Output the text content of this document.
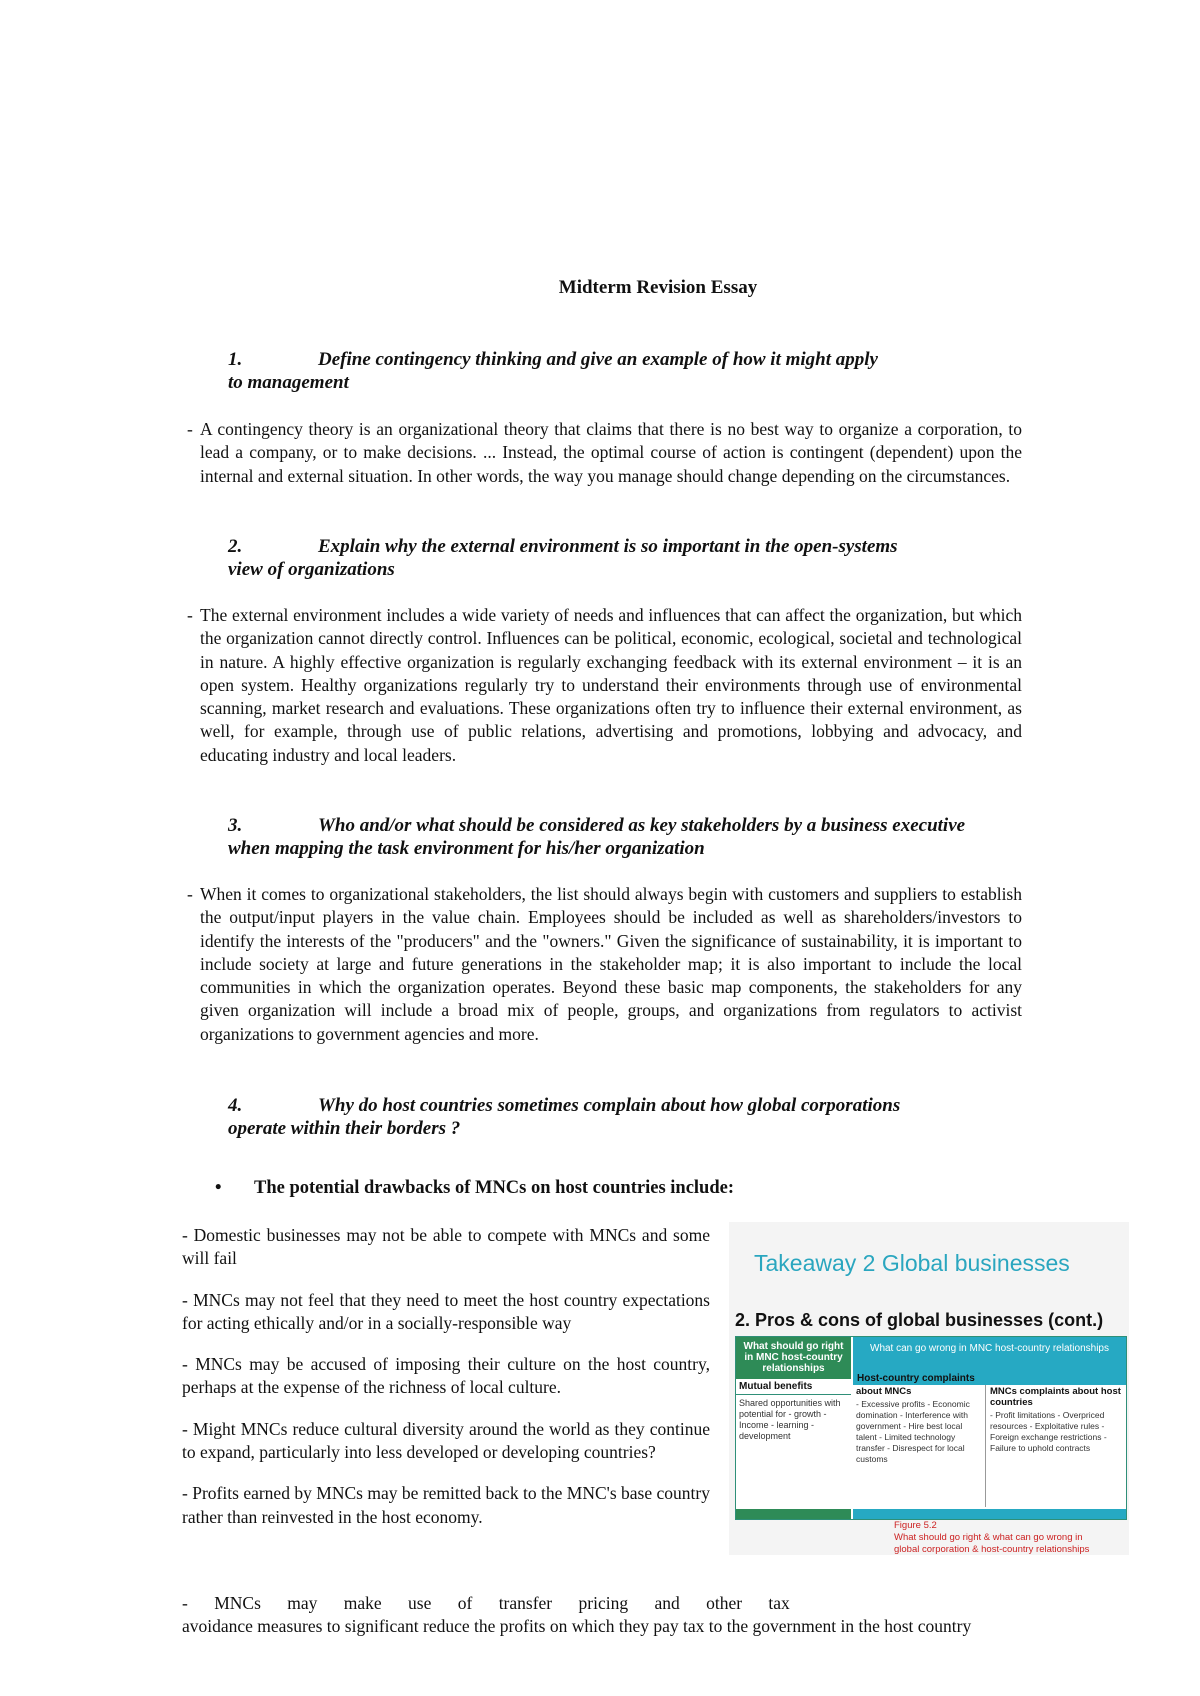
Midterm Revision Essay
1.	Define contingency thinking and give an example of how it might apply
to management
- A contingency theory is an organizational theory that claims that there is no best way to organize a corporation, to lead a company, or to make decisions. ... Instead, the optimal course of action is contingent (dependent) upon the internal and external situation. In other words, the way you manage should change depending on the circumstances.
2.	Explain why the external environment is so important in the open-systems
view of organizations
- The external environment includes a wide variety of needs and influences that can affect the organization, but which the organization cannot directly control. Influences can be political, economic, ecological, societal and technological in nature. A highly effective organization is regularly exchanging feedback with its external environment – it is an open system. Healthy organizations regularly try to understand their environments through use of environmental scanning, market research and evaluations. These organizations often try to influence their external environment, as well, for example, through use of public relations, advertising and promotions, lobbying and advocacy, and educating industry and local leaders.
3.	Who and/or what should be considered as key stakeholders by a business executive
when mapping the task environment for his/her organization
- When it comes to organizational stakeholders, the list should always begin with customers and suppliers to establish the output/input players in the value chain. Employees should be included as well as shareholders/investors to identify the interests of the "producers" and the "owners." Given the significance of sustainability, it is important to include society at large and future generations in the stakeholder map; it is also important to include the local communities in which the organization operates. Beyond these basic map components, the stakeholders for any given organization will include a broad mix of people, groups, and organizations from regulators to activist organizations to government agencies and more.
4.	Why do host countries sometimes complain about how global corporations
operate within their borders ?
• The potential drawbacks of MNCs on host countries include:

- Domestic businesses may not be able to compete with MNCs and some will fail

- MNCs may not feel that they need to meet the host country expectations for acting ethically and/or in a socially-responsible way

- MNCs may be accused of imposing their culture on the host country, perhaps at the expense of the richness of local culture.

- Might MNCs reduce cultural diversity around the world as they continue to expand, particularly into less developed or developing countries?

- Profits earned by MNCs may be remitted back to the MNC's base country rather than reinvested in the host economy.

- MNCs may make use of transfer pricing and other tax
avoidance measures to significant reduce the profits on which they pay tax to the government in the host country
Takeaway 2 Global businesses
2. Pros & cons of global businesses (cont.)
What should go right in MNC host-country relationships
Mutual benefits
Shared opportunities with potential for - growth - Income - learning - development
What can go wrong in MNC host-country relationships
Host-country complaints
about MNCs
- Excessive profits - Economic domination - Interference with government - Hire best local talent - Limited technology transfer - Disrespect for local customs
MNCs complaints about host countries
- Profit limitations - Overpriced resources - Exploitative rules - Foreign exchange restrictions - Failure to uphold contracts
Figure 5.2
What should go right & what can go wrong in
global corporation & host-country relationships
